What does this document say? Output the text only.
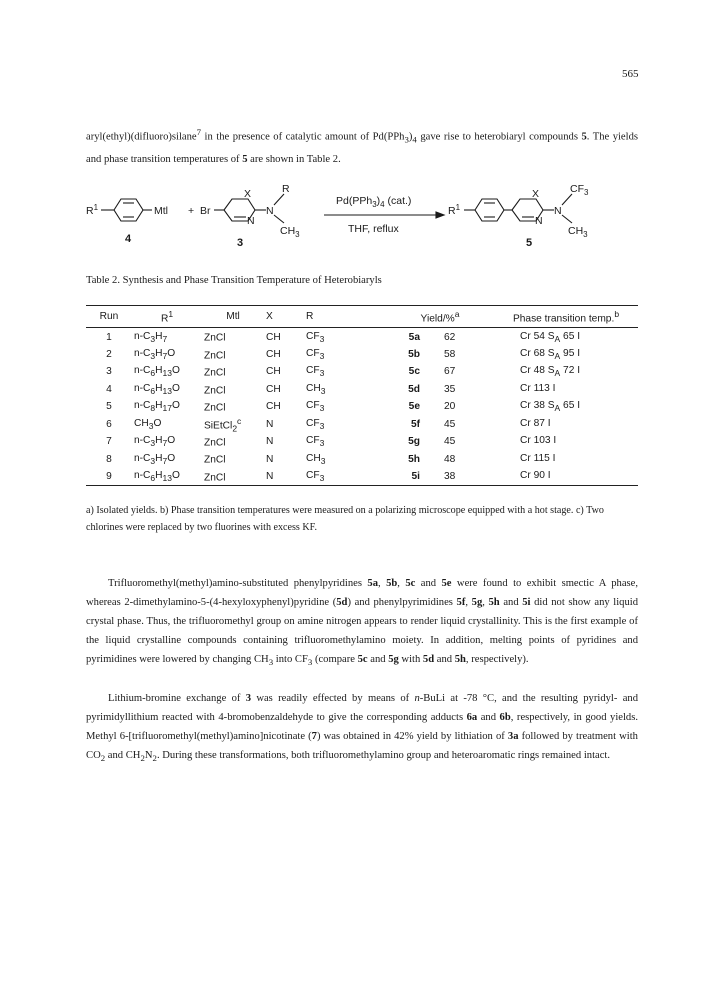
565

aryl(ethyl)(difluoro)silane$^7$ in the presence of catalytic amount of $Pd(PPh_3)_4$ gave rise to heterobiaryl compounds 5. The yields and phase transition temperatures of 5 are shown in Table 2.

$R^1$	Mtl +
4
Br
X
N
N
R
$CH_3$
3
$Pd(PPh_3)_4$ (cat.)
THF, reflux
$R^1$
X
N
N
$CF_3$
$CH_3$
5
Table 2. Synthesis and Phase Transition Temperature of Heterobiaryls
Run	$R^1$	Mtl	X	R	Yield/%$^a$		Phase transition temp.$^b$
1	$n-C_3H_7$	ZnCl	CH	$CF_3$	5a	62	Cr 54 $S_A$ 65 I
2	$n-C_3H_7O$	ZnCl	CH	$CF_3$	5b	58	Cr 68 $S_A$ 95 I
3	$n-C_6H_{13}O$	ZnCl	CH	$CF_3$	5c	67	Cr 48 $S_A$ 72 I
4	$n-C_6H_{13}O$	ZnCl	CH	$CH_3$	5d	35	Cr 113 I
5	$n-C_8H_{17}O$	ZnCl	CH	$CF_3$	5e	20	Cr 38 $S_A$ 65 I
6	$CH_3O$	SiEtCl$_2^c$	N	$CF_3$	5f	45	Cr 87 I
7	$n-C_3H_7O$	ZnCl	N	$CF_3$	5g	45	Cr 103 I
8	$n-C_3H_7O$	ZnCl	N	$CH_3$	5h	48	Cr 115 I
9	$n-C_6H_{13}O$	ZnCl	N	$CF_3$	5i	38	Cr 90 I

a) Isolated yields. b) Phase transition temperatures were measured on a polarizing microscope equipped with a hot stage. c) Two chlorines were replaced by two fluorines with excess KF.

Trifluoromethyl(methyl)amino-substituted phenylpyridines 5a, 5b, 5c and 5e were found to exhibit smectic A phase, whereas 2-dimethylamino-5-(4-hexyloxyphenyl)pyridine (5d) and phenylpyrimidines 5f, 5g, 5h and 5i did not show any liquid crystal phase. Thus, the trifluoromethyl group on amine nitrogen appears to render liquid crystallinity. This is the first example of the liquid crystalline compounds containing trifluoromethylamino moiety. In addition, melting points of pyridines and pyrimidines were lowered by changing $CH_3$ into $CF_3$ (compare 5c and 5g with 5d and 5h, respectively).

Lithium-bromine exchange of 3 was readily effected by means of n-BuLi at -78 °C, and the resulting pyridyl- and pyrimidyllithium reacted with 4-bromobenzaldehyde to give the corresponding adducts 6a and 6b, respectively, in good yields. Methyl 6-[trifluoromethyl(methyl)amino]nicotinate (7) was obtained in 42% yield by lithiation of 3a followed by treatment with $CO_2$ and $CH_2N_2$. During these transformations, both trifluoromethylamino group and heteroaromatic rings remained intact.
